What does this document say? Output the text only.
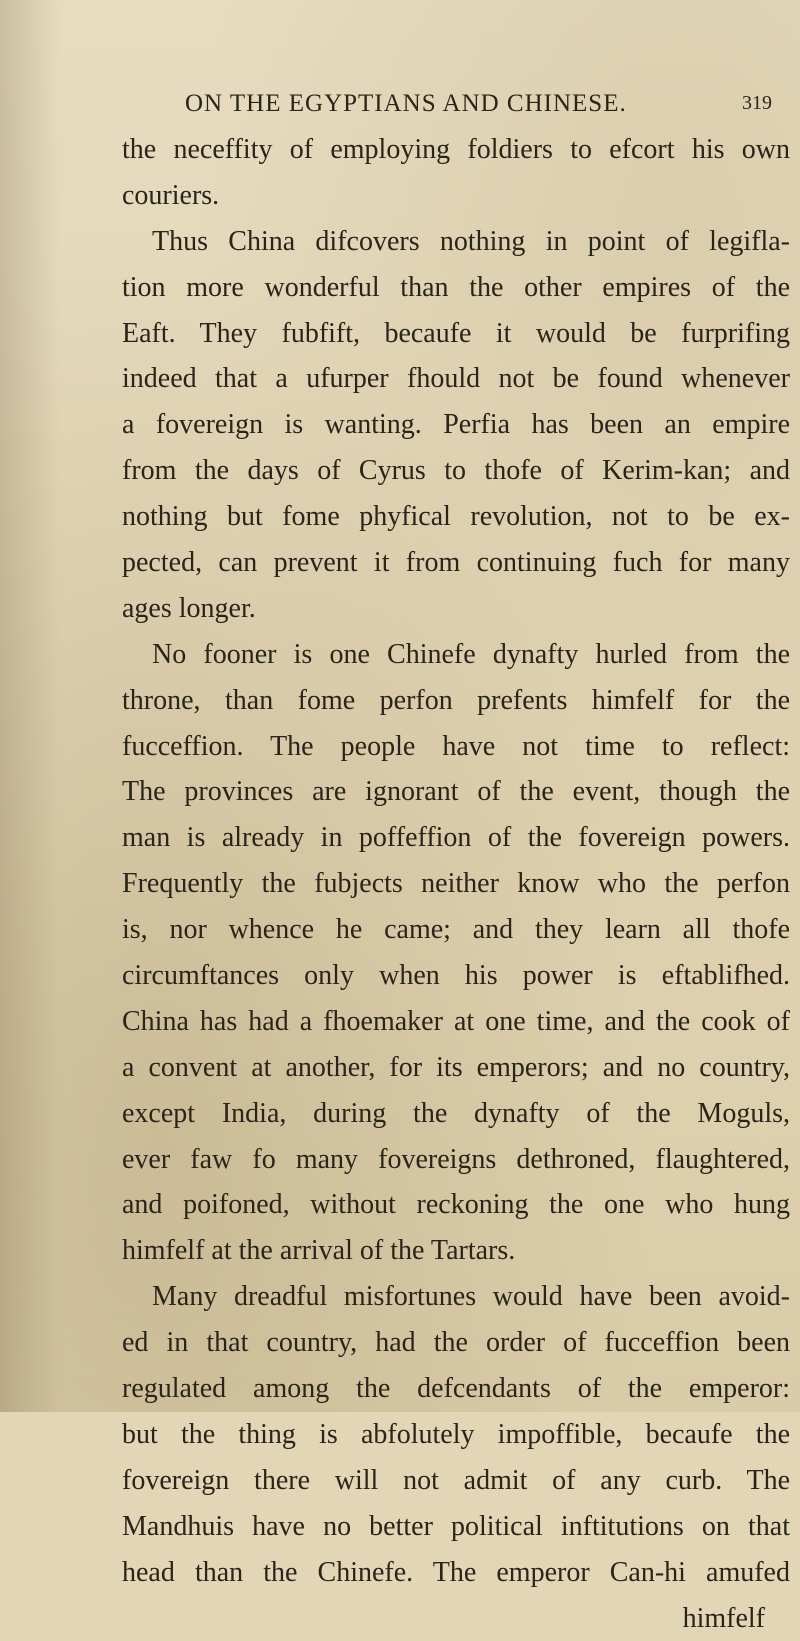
ON THE EGYPTIANS AND CHINESE.	319
the neceffity of employing foldiers to efcort his own
couriers.
Thus China difcovers nothing in point of legifla-
tion more wonderful than the other empires of the
Eaft. They fubfift, becaufe it would be furprifing
indeed that a ufurper fhould not be found whenever
a fovereign is wanting. Perfia has been an empire
from the days of Cyrus to thofe of Kerim-kan; and
nothing but fome phyfical revolution, not to be ex-
pected, can prevent it from continuing fuch for many
ages longer.
No fooner is one Chinefe dynafty hurled from the
throne, than fome perfon prefents himfelf for the
fucceffion. The people have not time to reflect:
The provinces are ignorant of the event, though the
man is already in poffeffion of the fovereign powers.
Frequently the fubjects neither know who the perfon
is, nor whence he came; and they learn all thofe
circumftances only when his power is eftablifhed.
China has had a fhoemaker at one time, and the cook of
a convent at another, for its emperors; and no country,
except India, during the dynafty of the Moguls,
ever faw fo many fovereigns dethroned, flaughtered,
and poifoned, without reckoning the one who hung
himfelf at the arrival of the Tartars.
Many dreadful misfortunes would have been avoid-
ed in that country, had the order of fucceffion been
regulated among the defcendants of the emperor:
but the thing is abfolutely impoffible, becaufe the
fovereign there will not admit of any curb. The
Mandhuis have no better political inftitutions on that
head than the Chinefe. The emperor Can-hi amufed
himfelf
